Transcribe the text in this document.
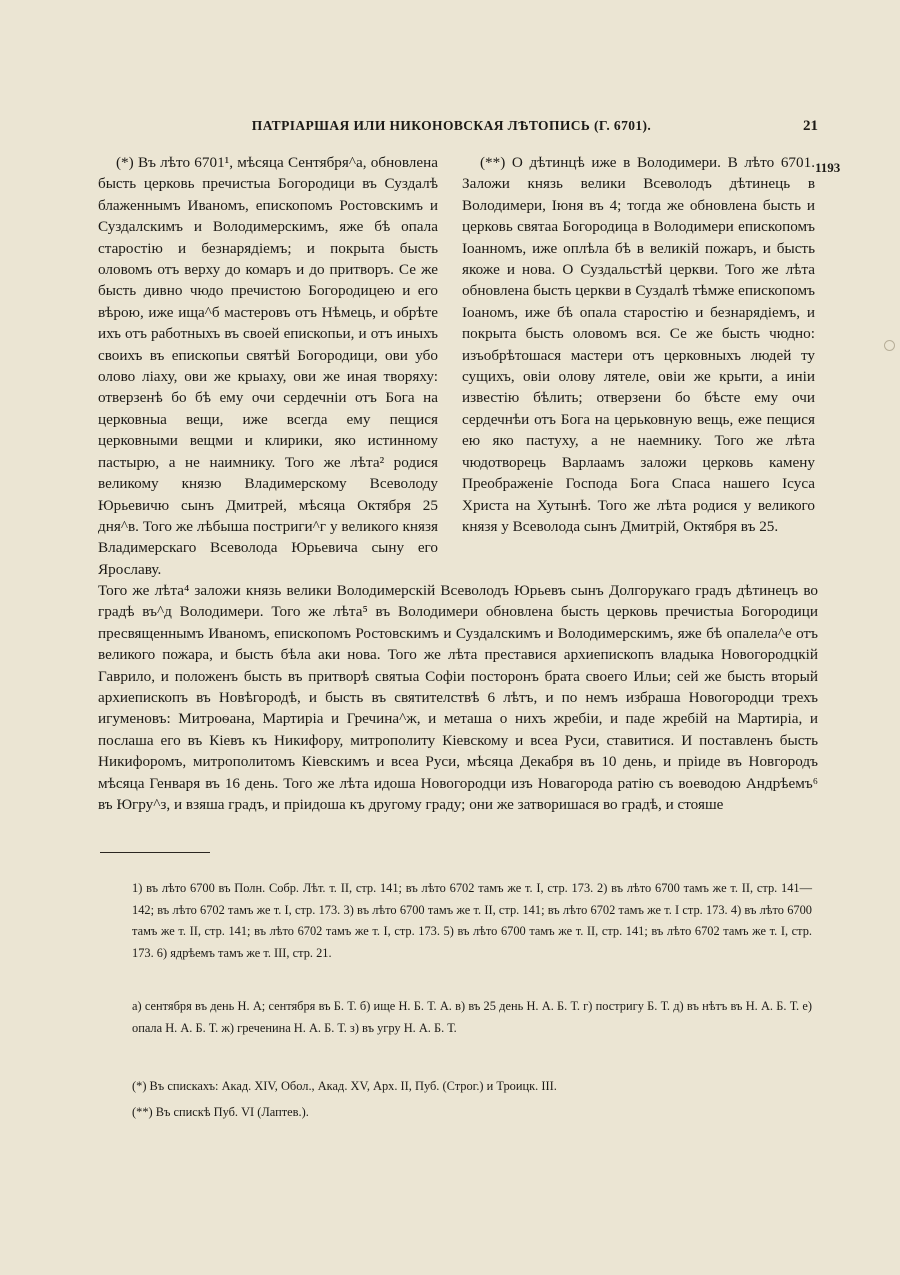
ПАТРІАРШАЯ ИЛИ НИКОНОВСКАЯ ЛѢТОПИСЬ (Г. 6701).	21
1193

(*) Въ лѣто 6701¹, мѣсяца Сентября^а, обновлена бысть церковь пречистыа Богородици въ Суздалѣ блаженнымъ Иваномъ, епископомъ Ростовскимъ и Суздалскимъ и Володимерскимъ, яже бѣ опала старостію и безнарядіемъ; и покрыта бысть оловомъ отъ верху до комаръ и до притворъ. Се же бысть дивно чюдо пречистою Богородицею и его вѣрою, иже ища^б мастеровъ отъ Нѣмець, и обрѣте ихъ отъ работныхъ въ своей епископьи, и отъ иныхъ своихъ въ епископьи святѣй Богородици, ови убо олово ліаху, ови же крыаху, ови же иная творяху: отверзенѣ бо бѣ ему очи сердечніи отъ Бога на церковныа вещи, иже всегда ему пещися церковными вещми и клирики, яко истинному пастырю, а не наимнику. Того же лѣта² родися великому князю Владимерскому Всеволоду Юрьевичю сынъ Дмитрей, мѣсяца Октября 25 дня^в. Того же лѣбыша постриги^г у великого князя Владимерскаго Всеволода Юрьевича сыну его Ярославу.

(**) О дѣтинцѣ иже в Володимери. В лѣто 6701. Заложи князь велики Всеволодъ дѣтинець в Володимери, Іюня въ 4; тогда же обновлена бысть и церковь святаа Богородица в Володимери епископомъ Іоанномъ, иже оплѣла бѣ в великій пожаръ, и бысть якоже и нова. О Суздальстѣй церкви. Того же лѣта обновлена бысть церкви в Суздалѣ тѣмже епископомъ Іоаномъ, иже бѣ опала старостію и безнарядіемъ, и покрыта бысть оловомъ вся. Се же бысть чюдно: изъобрѣтошася мастери отъ церковныхъ людей ту сущихъ, овіи олову лятеле, овіи же крыти, а иніи известію бѣлить; отверзени бо бѣсте ему очи сердечнѣи отъ Бога на церьковную вещь, еже пещися ею яко пастуху, а не наемнику. Того же лѣта чюдотворець Варлаамъ заложи церковь камену Преображеніе Господа Бога Спаса нашего Ісуса Христа на Хутынѣ. Того же лѣта родися у великого князя у Всеволода сынъ Дмитрій, Октября въ 25.

Того же лѣта⁴ заложи князь велики Володимерскій Всеволодъ Юрьевъ сынъ Долгорукаго градъ дѣтинецъ во градѣ въ^д Володимери. Того же лѣта⁵ въ Володимери обновлена бысть церковь пречистыа Богородици пресвященнымъ Иваномъ, епископомъ Ростовскимъ и Суздалскимъ и Володимерскимъ, яже бѣ опалела^е отъ великого пожара, и бысть бѣла аки нова. Того же лѣта преставися архиепископъ владыка Новогородцкій Гаврило, и положенъ бысть въ притворѣ святыа Софіи посторонъ брата своего Ильи; сей же бысть вторый архиепископъ въ Новѣгородѣ, и бысть въ святителствѣ 6 лѣтъ, и по немъ избраша Новогородци трехъ игуменовъ: Митроѳана, Мартиріа и Гречина^ж, и меташа о нихъ жребіи, и паде жребій на Мартиріа, и послаша его въ Кіевъ къ Никифору, митрополиту Кіевскому и всеа Руси, ставитися. И поставленъ бысть Никифоромъ, митрополитомъ Кіевскимъ и всеа Руси, мѣсяца Декабря въ 10 день, и пріиде въ Новгородъ мѣсяца Генваря въ 16 день. Того же лѣта идоша Новогородци изъ Новагорода ратію съ воеводою Андрѣемъ⁶ въ Югру^з, и взяша градъ, и пріидоша къ другому граду; они же затворишася во градѣ, и стояше

1) въ лѣто 6700 въ Полн. Собр. Лѣт. т. II, стр. 141; въ лѣто 6702 тамъ же т. I, стр. 173. 2) въ лѣто 6700 тамъ же т. II, стр. 141—142; въ лѣто 6702 тамъ же т. I, стр. 173. 3) въ лѣто 6700 тамъ же т. II, стр. 141; въ лѣто 6702 тамъ же т. I стр. 173. 4) въ лѣто 6700 тамъ же т. II, стр. 141; въ лѣто 6702 тамъ же т. I, стр. 173. 5) въ лѣто 6700 тамъ же т. II, стр. 141; въ лѣто 6702 тамъ же т. I, стр. 173. 6) ядрѣемъ тамъ же т. III, стр. 21.

а) сентября въ день Н. А; сентября въ Б. Т. б) ище Н. Б. Т. А. в) въ 25 день Н. А. Б. Т. г) постригу Б. Т. д) въ нѣтъ въ Н. А. Б. Т. е) опала Н. А. Б. Т. ж) греченина Н. А. Б. Т. з) въ угру Н. А. Б. Т.

(*) Въ спискахъ: Акад. XIV, Обол., Акад. XV, Арх. II, Пуб. (Строг.) и Троицк. III.

(**) Въ спискѣ Пуб. VI (Лаптев.).
